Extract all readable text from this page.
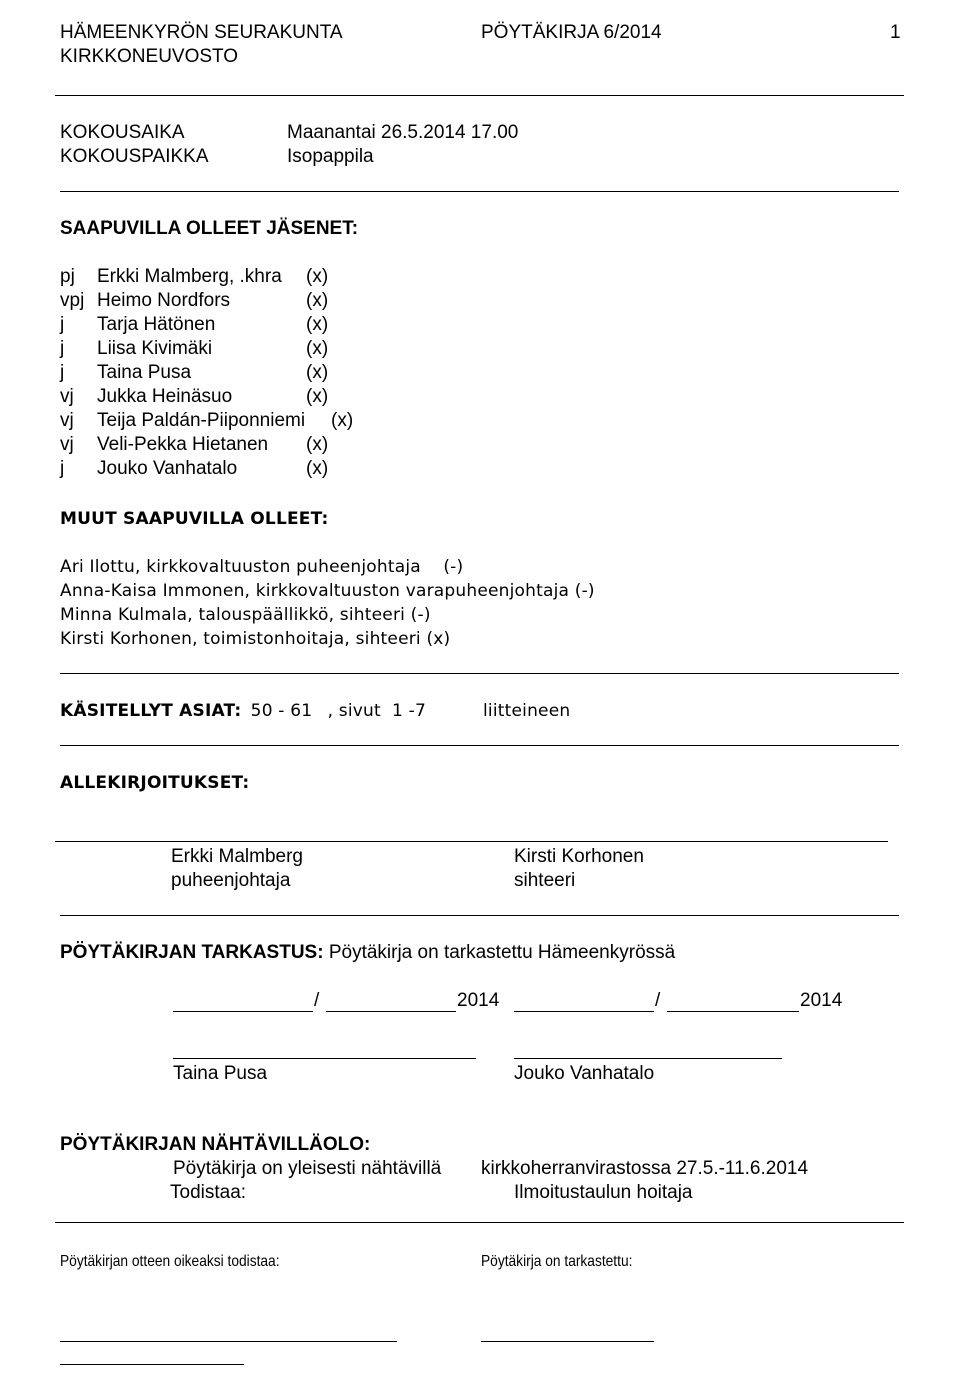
HÄMEENKYRÖN SEURAKUNTA
KIRKKONEUVOSTO
PÖYTÄKIRJA 6/2014	1
KOKOUSAIKA	Maanantai 26.5.2014 17.00
KOKOUSPAIKKA	Isopappila
SAAPUVILLA OLLEET JÄSENET:
pj Erkki Malmberg, .khra (x)
vpj Heimo Nordfors	(x)
j Tarja Hätönen	(x)
j Liisa Kivimäki	(x)
j Taina Pusa	(x)
vj Jukka Heinäsuo	(x)
vj Teija Paldán-Piiponniemi (x)
vj Veli-Pekka Hietanen (x)
j Jouko Vanhatalo	(x)
MUUT SAAPUVILLA OLLEET:
Ari Ilottu, kirkkovaltuuston puheenjohtaja    (-)
Anna-Kaisa Immonen, kirkkovaltuuston varapuheenjohtaja (-)
Minna Kulmala, talouspäällikkö, sihteeri (-)
Kirsti Korhonen, toimistonhoitaja, sihteeri (x)
KÄSITELLYT ASIAT: 50 - 61 , sivut  1 -7	liitteineen
ALLEKIRJOITUKSET:
Erkki Malmberg
puheenjohtaja
Kirsti Korhonen
sihteeri
PÖYTÄKIRJAN TARKASTUS: Pöytäkirja on tarkastettu Hämeenkyrössä
/	2014	/	2014
Taina Pusa	Jouko Vanhatalo
PÖYTÄKIRJAN NÄHTÄVILLÄOLO:
Pöytäkirja on yleisesti nähtävillä kirkkoherranvirastossa 27.5.-11.6.2014
Todistaa:	Ilmoitustaulun hoitaja
Pöytäkirjan otteen oikeaksi todistaa:	Pöytäkirja on tarkastettu:
